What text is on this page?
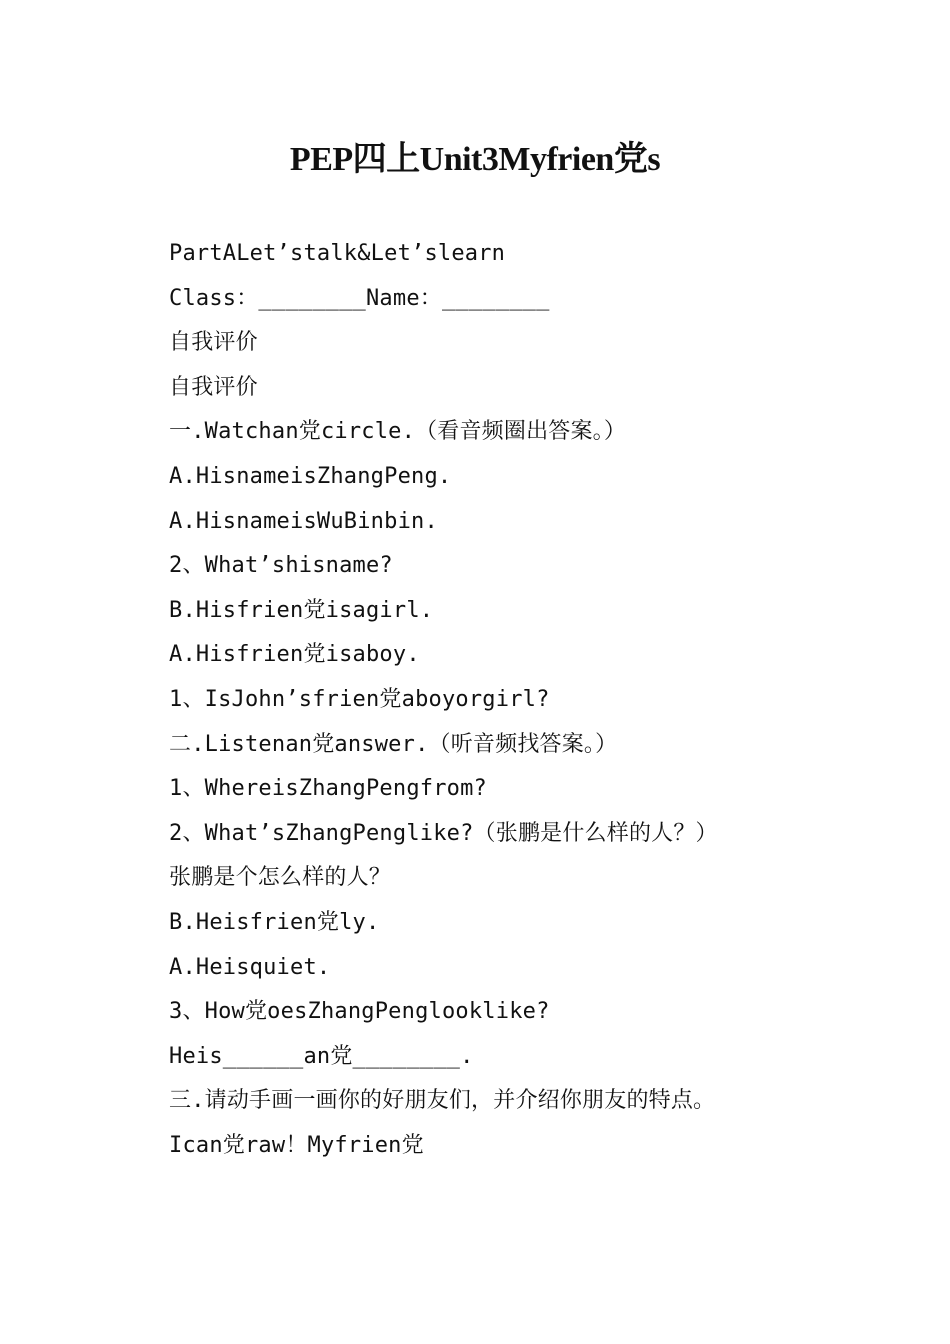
PEP四上Unit3Myfrien党s
PartALet’stalk&Let’slearn
Class：________Name：________
自我评价
自我评价
一.Watchan党circle.（看音频圈出答案。）
A.HisnameisZhangPeng.
A.HisnameisWuBinbin.
2、What’shisname?
B.Hisfrien党isagirl.
A.Hisfrien党isaboy.
1、IsJohn’sfrien党aboyorgirl?
二.Listenan党answer.（听音频找答案。）
1、WhereisZhangPengfrom?
2、What’sZhangPenglike?（张鹏是什么样的人？）
张鹏是个怎么样的人？
B.Heisfrien党ly.
A.Heisquiet.
3、How党oesZhangPenglooklike?
Heis______an党________.
三.请动手画一画你的好朋友们，并介绍你朋友的特点。
Ican党raw！Myfrien党
